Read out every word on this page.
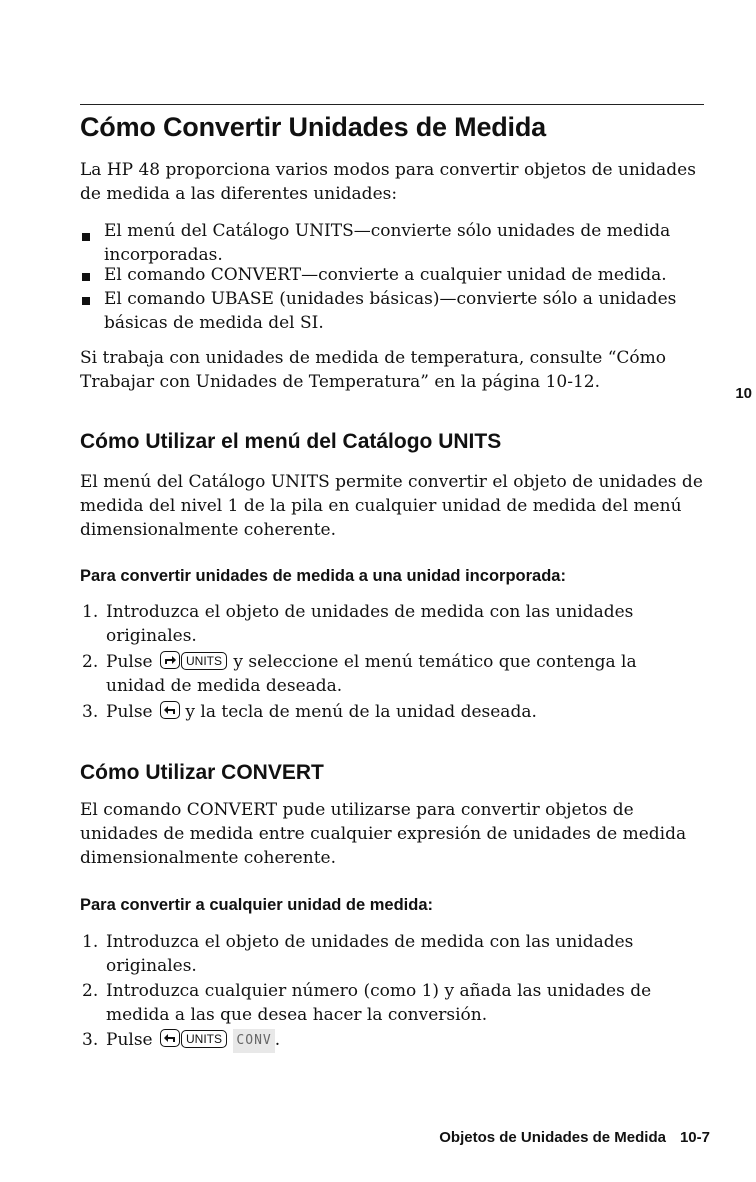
Cómo Convertir Unidades de Medida

La HP 48 proporciona varios modos para convertir objetos de unidades de medida a las diferentes unidades:

El menú del Catálogo UNITS—convierte sólo unidades de medida incorporadas.

El comando CONVERT—convierte a cualquier unidad de medida.

El comando UBASE (unidades básicas)—convierte sólo a unidades básicas de medida del SI.

Si trabaja con unidades de medida de temperatura, consulte “Cómo Trabajar con Unidades de Temperatura” en la página 10-12.

10
Cómo Utilizar el menú del Catálogo UNITS

El menú del Catálogo UNITS permite convertir el objeto de unidades de medida del nivel 1 de la pila en cualquier unidad de medida del menú dimensionalmente coherente.

Para convertir unidades de medida a una unidad incorporada:

1. Introduzca el objeto de unidades de medida con las unidades originales.

2. Pulse	UNITS y seleccione el menú temático que contenga la unidad de medida deseada.

3. Pulse y la tecla de menú de la unidad deseada.
Cómo Utilizar CONVERT

El comando CONVERT pude utilizarse para convertir objetos de unidades de medida entre cualquier expresión de unidades de medida dimensionalmente coherente.

Para convertir a cualquier unidad de medida:

1. Introduzca el objeto de unidades de medida con las unidades originales.

2. Introduzca cualquier número (como 1) y añada las unidades de medida a las que desea hacer la conversión.

3. Pulse	UNITS CONV .
Objetos de Unidades de Medida 10-7
